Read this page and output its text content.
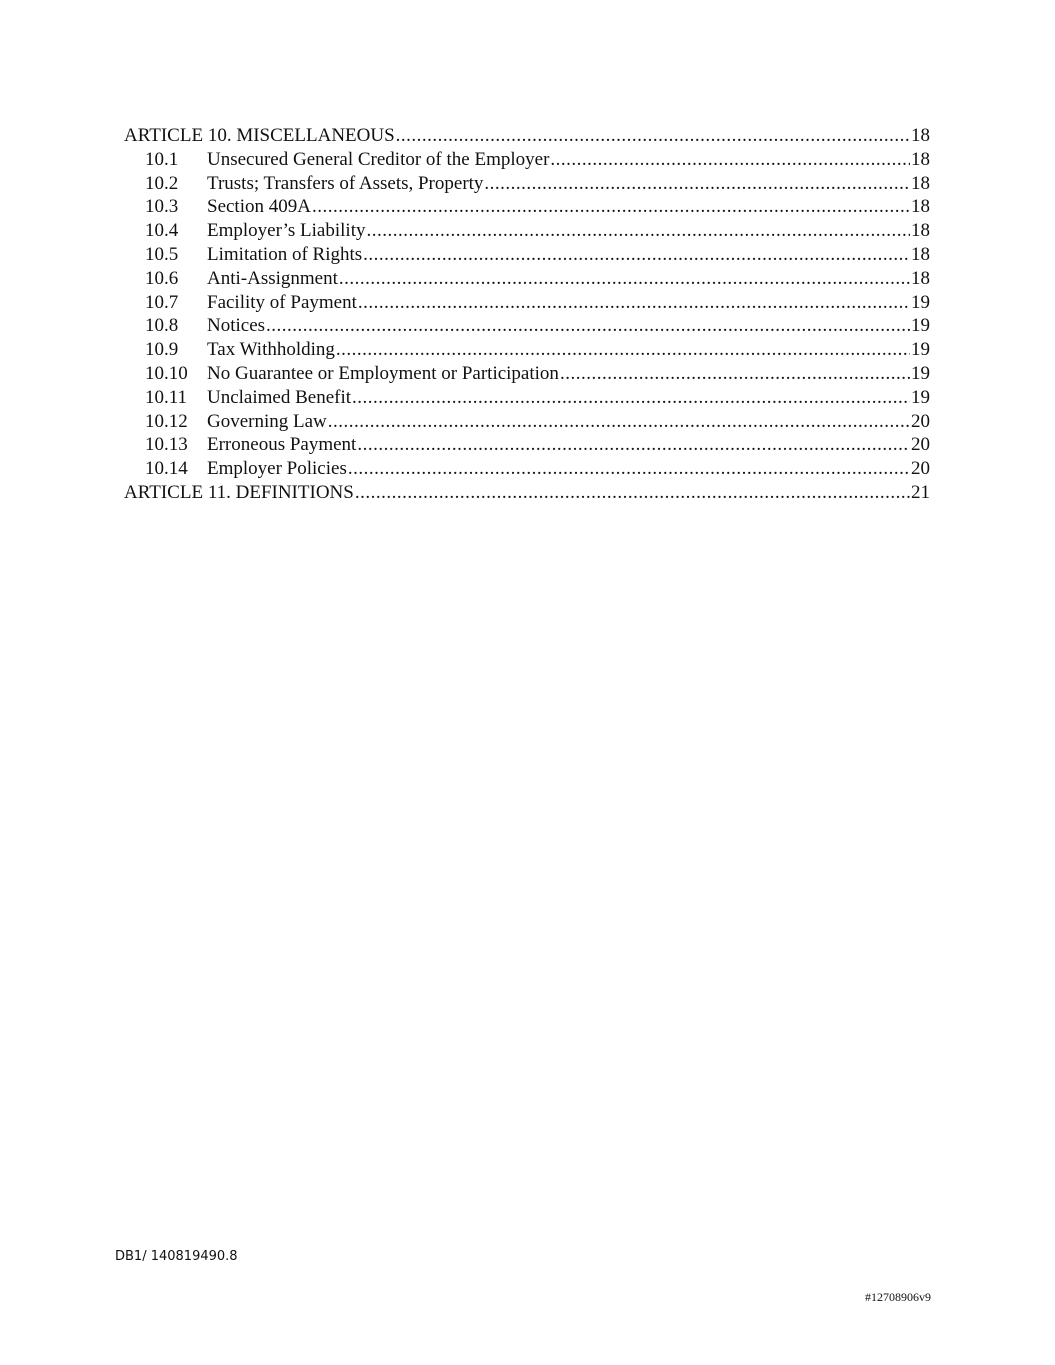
ARTICLE 10. MISCELLANEOUS .....	18
10.1	Unsecured General Creditor of the Employer .....	18
10.2	Trusts; Transfers of Assets, Property .....	18
10.3	Section 409A .....	18
10.4	Employer’s Liability .....	18
10.5	Limitation of Rights .....	18
10.6	Anti-Assignment .....	18
10.7	Facility of Payment .....	19
10.8	Notices .....	19
10.9	Tax Withholding .....	19
10.10	No Guarantee or Employment or Participation .....	19
10.11	Unclaimed Benefit .....	19
10.12	Governing Law .....	20
10.13	Erroneous Payment .....	20
10.14	Employer Policies .....	20
ARTICLE 11. DEFINITIONS .....	21
DB1/ 140819490.8
#12708906v9
